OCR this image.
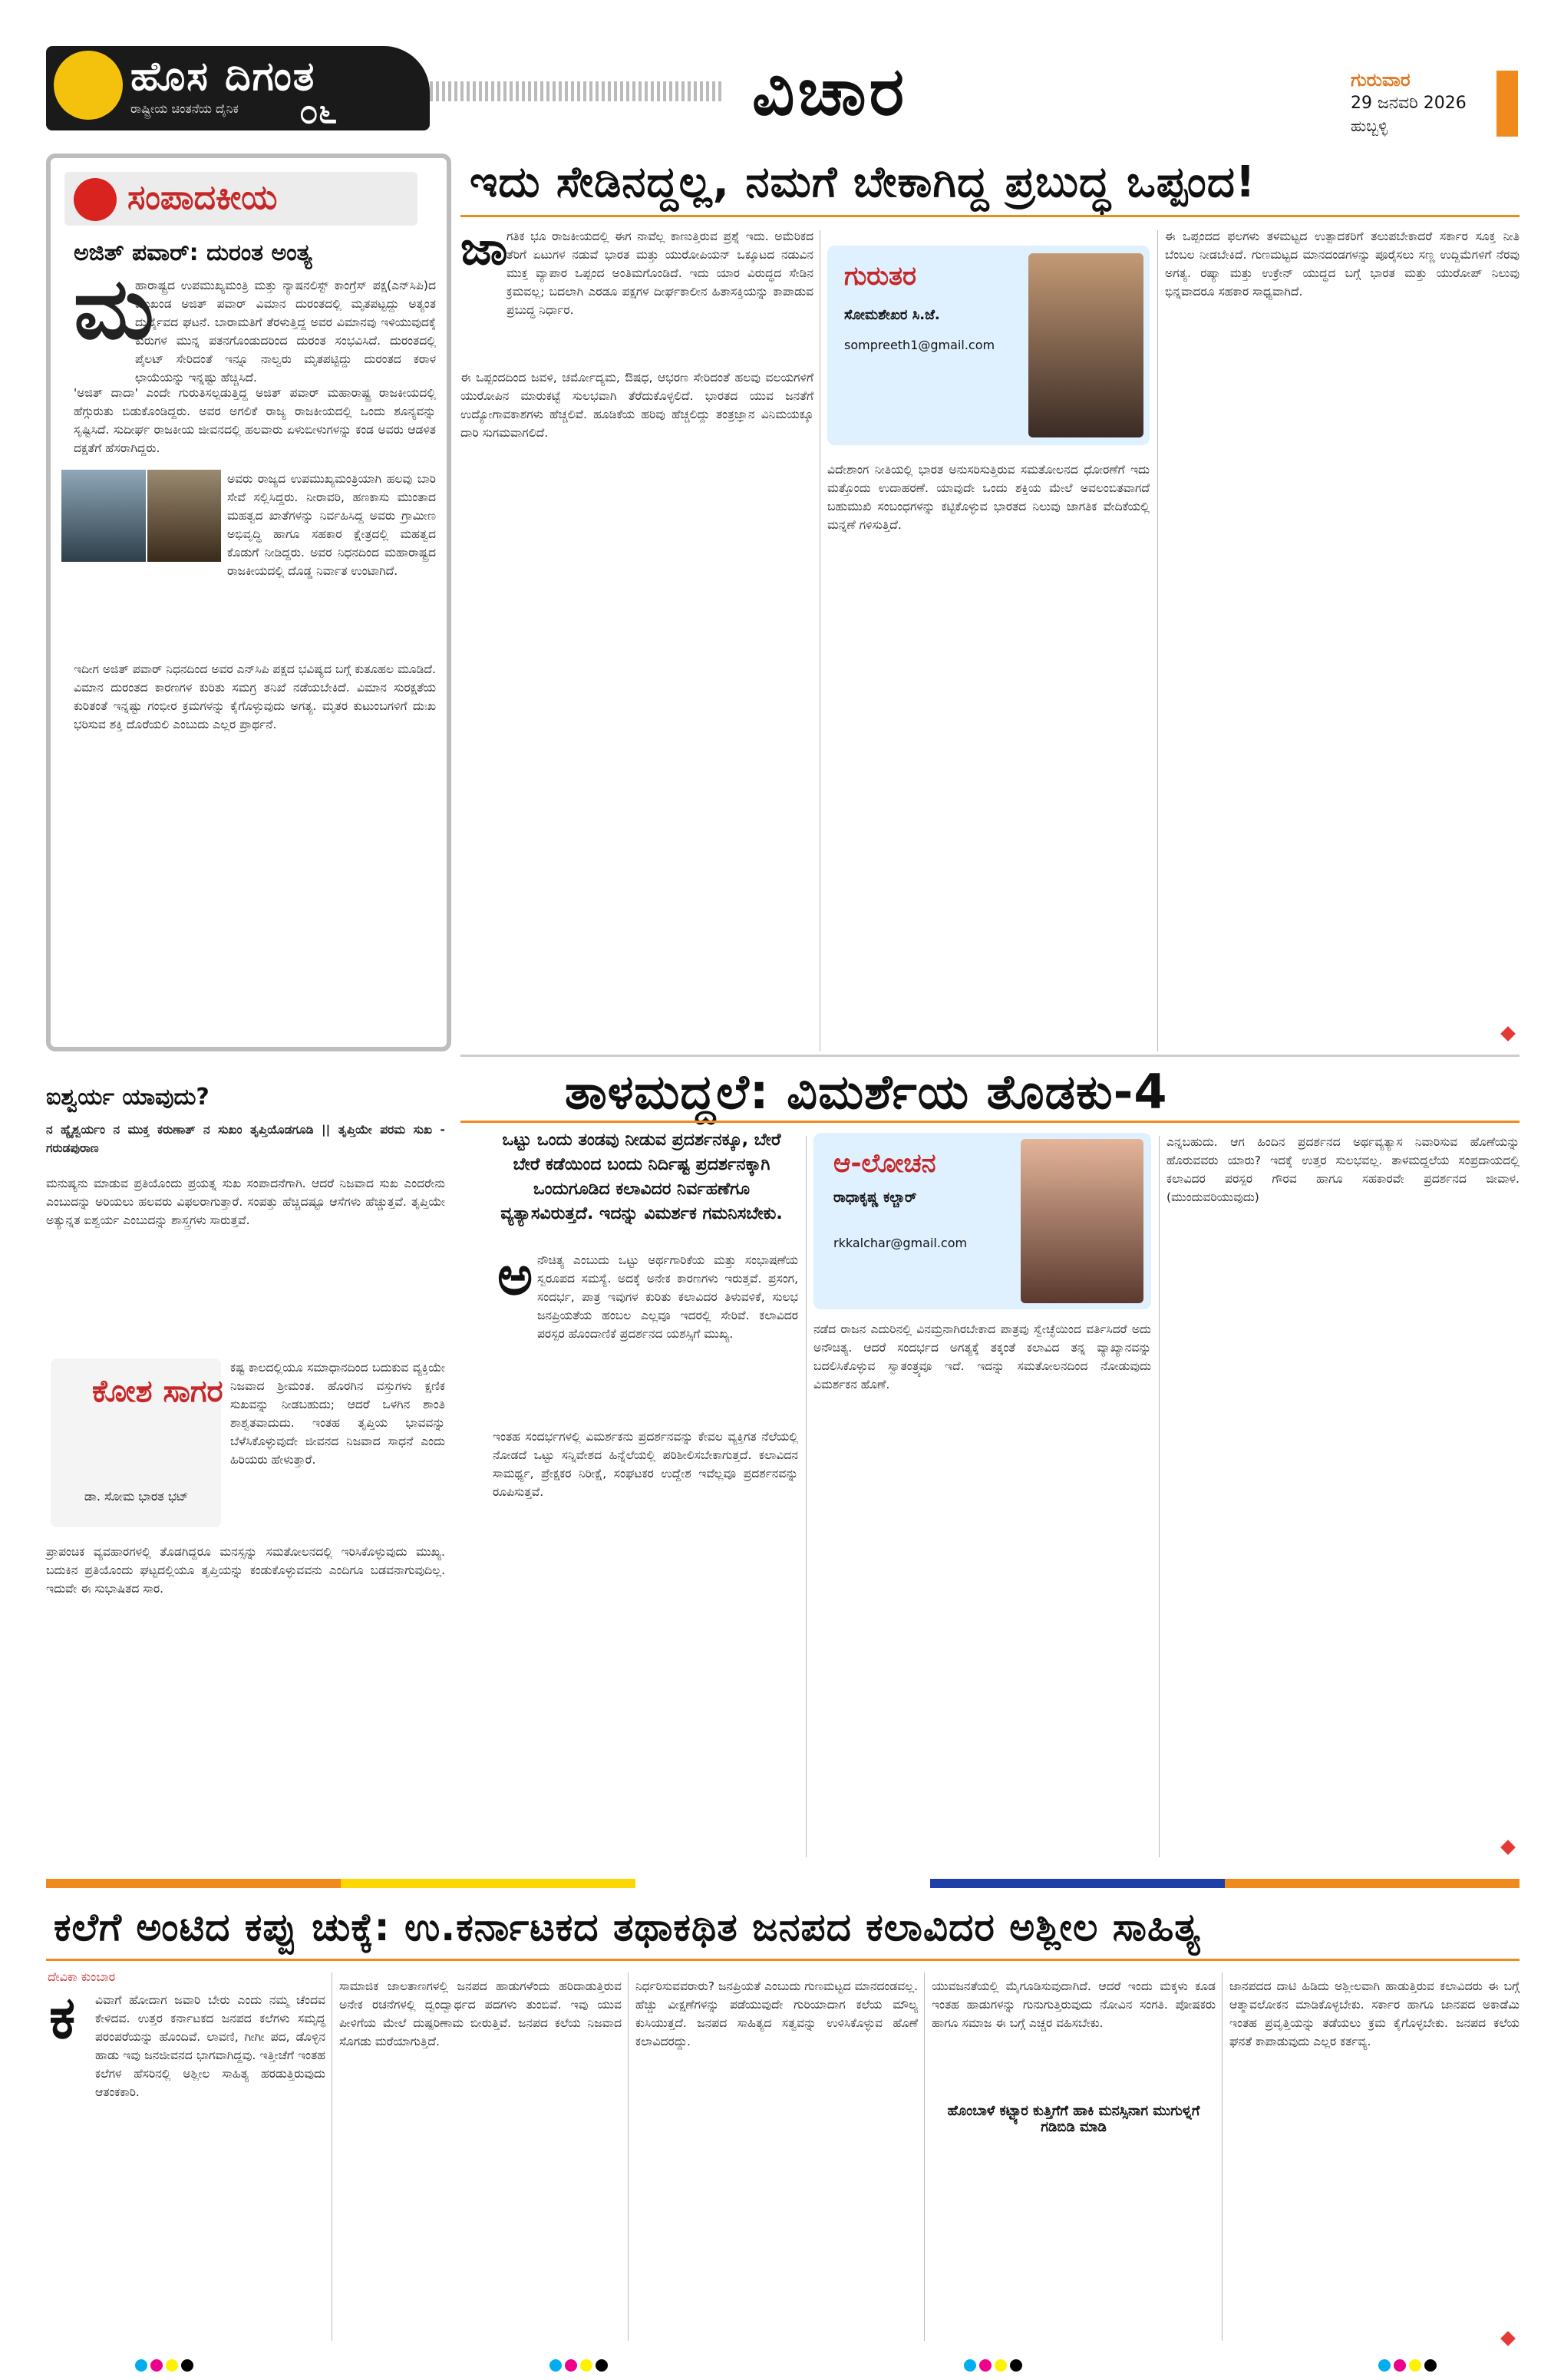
ಹೊಸ ದಿಗಂತ
ರಾಷ್ಟ್ರೀಯ ಚಿಂತನೆಯ ದೈನಿಕ ೦೬	ವಿಚಾರ	ಗುರುವಾರ
29 ಜನವರಿ 2026
ಹುಬ್ಬಳ್ಳಿ
ಸಂಪಾದಕೀಯ
ಅಜಿತ್ ಪವಾರ್: ದುರಂತ ಅಂತ್ಯ
ಮ
ಹಾರಾಷ್ಟ್ರದ ಉಪಮುಖ್ಯಮಂತ್ರಿ ಮತ್ತು ನ್ಯಾಷನಲಿಸ್ಟ್ ಕಾಂಗ್ರೆಸ್ ಪಕ್ಷ(ಎನ್‌ಸಿಪಿ)ದ ಮುಖಂಡ ಅಜಿತ್ ಪವಾರ್ ವಿಮಾನ ದುರಂತದಲ್ಲಿ ಮೃತಪಟ್ಟದ್ದು ಅತ್ಯಂತ ದುರ್ದೈವದ ಘಟನೆ. ಬಾರಾಮತಿಗೆ ತೆರಳುತ್ತಿದ್ದ ಅವರ ವಿಮಾನವು ಇಳಿಯುವುದಕ್ಕೆ ಕುರುಗಳ ಮುನ್ನ ಪತನಗೊಂಡುದರಿಂದ ದುರಂತ ಸಂಭವಿಸಿದೆ. ದುರಂತದಲ್ಲಿ ಪೈಲಟ್ ಸೇರಿದಂತೆ ಇನ್ನೂ ನಾಲ್ವರು ಮೃತಪಟ್ಟಿದ್ದು ದುರಂತದ ಕರಾಳ ಛಾಯೆಯನ್ನು ಇನ್ನಷ್ಟು ಹೆಚ್ಚಿಸಿದೆ.
'ಅಜಿತ್ ದಾದಾ' ಎಂದೇ ಗುರುತಿಸಲ್ಪಡುತ್ತಿದ್ದ ಅಜಿತ್ ಪವಾರ್ ಮಹಾರಾಷ್ಟ್ರ ರಾಜಕೀಯದಲ್ಲಿ ಹೆಗ್ಗುರುತು ಬಿಡುಕೊಂಡಿದ್ದರು. ಅವರ ಅಗಲಿಕೆ ರಾಜ್ಯ ರಾಜಕೀಯದಲ್ಲಿ ಒಂದು ಶೂನ್ಯವನ್ನು ಸೃಷ್ಟಿಸಿದೆ. ಸುದೀರ್ಘ ರಾಜಕೀಯ ಜೀವನದಲ್ಲಿ ಹಲವಾರು ಏಳುಬೀಳುಗಳನ್ನು ಕಂಡ ಅವರು ಆಡಳಿತ ದಕ್ಷತೆಗೆ ಹೆಸರಾಗಿದ್ದರು.
ಅವರು ರಾಜ್ಯದ ಉಪಮುಖ್ಯಮಂತ್ರಿಯಾಗಿ ಹಲವು ಬಾರಿ ಸೇವೆ ಸಲ್ಲಿಸಿದ್ದರು. ನೀರಾವರಿ, ಹಣಕಾಸು ಮುಂತಾದ ಮಹತ್ವದ ಖಾತೆಗಳನ್ನು ನಿರ್ವಹಿಸಿದ್ದ ಅವರು ಗ್ರಾಮೀಣ ಅಭಿವೃದ್ಧಿ ಹಾಗೂ ಸಹಕಾರ ಕ್ಷೇತ್ರದಲ್ಲಿ ಮಹತ್ವದ ಕೊಡುಗೆ ನೀಡಿದ್ದರು. ಅವರ ನಿಧನದಿಂದ ಮಹಾರಾಷ್ಟ್ರದ ರಾಜಕೀಯದಲ್ಲಿ ದೊಡ್ಡ ನಿರ್ವಾತ ಉಂಟಾಗಿದೆ.
ಇದೀಗ ಅಜಿತ್ ಪವಾರ್ ನಿಧನದಿಂದ ಅವರ ಎನ್‌ಸಿಪಿ ಪಕ್ಷದ ಭವಿಷ್ಯದ ಬಗ್ಗೆ ಕುತೂಹಲ ಮೂಡಿದೆ. ವಿಮಾನ ದುರಂತದ ಕಾರಣಗಳ ಕುರಿತು ಸಮಗ್ರ ತನಿಖೆ ನಡೆಯಬೇಕಿದೆ. ವಿಮಾನ ಸುರಕ್ಷತೆಯ ಕುರಿತಂತೆ ಇನ್ನಷ್ಟು ಗಂಭೀರ ಕ್ರಮಗಳನ್ನು ಕೈಗೊಳ್ಳುವುದು ಅಗತ್ಯ. ಮೃತರ ಕುಟುಂಬಗಳಿಗೆ ದುಃಖ ಭರಿಸುವ ಶಕ್ತಿ ದೊರೆಯಲಿ ಎಂಬುದು ಎಲ್ಲರ ಪ್ರಾರ್ಥನೆ.
ಇದು ಸೇಡಿನದ್ದಲ್ಲ, ನಮಗೆ ಬೇಕಾಗಿದ್ದ ಪ್ರಬುದ್ಧ ಒಪ್ಪಂದ!
ಜಾ
ಗತಿಕ ಭೂ ರಾಜಕೀಯದಲ್ಲಿ ಈಗ ನಾವೆಲ್ಲ ಕಾಣುತ್ತಿರುವ ಪ್ರಶ್ನೆ ಇದು. ಅಮೆರಿಕದ ತೆರಿಗೆ ಏಟುಗಳ ನಡುವೆ ಭಾರತ ಮತ್ತು ಯುರೋಪಿಯನ್ ಒಕ್ಕೂಟದ ನಡುವಿನ ಮುಕ್ತ ವ್ಯಾಪಾರ ಒಪ್ಪಂದ ಅಂತಿಮಗೊಂಡಿದೆ. ಇದು ಯಾರ ವಿರುದ್ಧದ ಸೇಡಿನ ಕ್ರಮವಲ್ಲ; ಬದಲಾಗಿ ಎರಡೂ ಪಕ್ಷಗಳ ದೀರ್ಘಕಾಲೀನ ಹಿತಾಸಕ್ತಿಯನ್ನು ಕಾಪಾಡುವ ಪ್ರಬುದ್ಧ ನಿರ್ಧಾರ.
ಈ ಒಪ್ಪಂದದಿಂದ ಜವಳಿ, ಚರ್ಮೋದ್ಯಮ, ಔಷಧ, ಆಭರಣ ಸೇರಿದಂತೆ ಹಲವು ವಲಯಗಳಿಗೆ ಯುರೋಪಿನ ಮಾರುಕಟ್ಟೆ ಸುಲಭವಾಗಿ ತೆರೆದುಕೊಳ್ಳಲಿದೆ. ಭಾರತದ ಯುವ ಜನತೆಗೆ ಉದ್ಯೋಗಾವಕಾಶಗಳು ಹೆಚ್ಚಲಿವೆ. ಹೂಡಿಕೆಯ ಹರಿವು ಹೆಚ್ಚಲಿದ್ದು ತಂತ್ರಜ್ಞಾನ ವಿನಿಮಯಕ್ಕೂ ದಾರಿ ಸುಗಮವಾಗಲಿದೆ.
ಗುರುತರ
ಸೋಮಶೇಖರ ಸಿ.ಜೆ.
sompreeth1@gmail.com
ವಿದೇಶಾಂಗ ನೀತಿಯಲ್ಲಿ ಭಾರತ ಅನುಸರಿಸುತ್ತಿರುವ ಸಮತೋಲನದ ಧೋರಣೆಗೆ ಇದು ಮತ್ತೊಂದು ಉದಾಹರಣೆ. ಯಾವುದೇ ಒಂದು ಶಕ್ತಿಯ ಮೇಲೆ ಅವಲಂಬಿತವಾಗದೆ ಬಹುಮುಖಿ ಸಂಬಂಧಗಳನ್ನು ಕಟ್ಟಿಕೊಳ್ಳುವ ಭಾರತದ ನಿಲುವು ಜಾಗತಿಕ ವೇದಿಕೆಯಲ್ಲಿ ಮನ್ನಣೆ ಗಳಿಸುತ್ತಿದೆ.
ಈ ಒಪ್ಪಂದದ ಫಲಗಳು ತಳಮಟ್ಟದ ಉತ್ಪಾದಕರಿಗೆ ತಲುಪಬೇಕಾದರೆ ಸರ್ಕಾರ ಸೂಕ್ತ ನೀತಿ ಬೆಂಬಲ ನೀಡಬೇಕಿದೆ. ಗುಣಮಟ್ಟದ ಮಾನದಂಡಗಳನ್ನು ಪೂರೈಸಲು ಸಣ್ಣ ಉದ್ದಿಮೆಗಳಿಗೆ ನೆರವು ಅಗತ್ಯ. ರಷ್ಯಾ ಮತ್ತು ಉಕ್ರೇನ್ ಯುದ್ಧದ ಬಗ್ಗೆ ಭಾರತ ಮತ್ತು ಯುರೋಪ್ ನಿಲುವು ಭಿನ್ನವಾದರೂ ಸಹಕಾರ ಸಾಧ್ಯವಾಗಿದೆ.
ಐಶ್ವರ್ಯ ಯಾವುದು?
ನ ಹ್ಯೈಶ್ವರ್ಯಂ ನ ಮುಕ್ತ ಕರುಣಾತ್ ನ ಸುಖಂ ತೃಪ್ತಿಯೊಡಗೂಡಿ || ತೃಪ್ತಿಯೇ ಪರಮ ಸುಖ - ಗರುಡಪುರಾಣ
ಮನುಷ್ಯನು ಮಾಡುವ ಪ್ರತಿಯೊಂದು ಪ್ರಯತ್ನ ಸುಖ ಸಂಪಾದನೆಗಾಗಿ. ಆದರೆ ನಿಜವಾದ ಸುಖ ಎಂದರೇನು ಎಂಬುದನ್ನು ಅರಿಯಲು ಹಲವರು ವಿಫಲರಾಗುತ್ತಾರೆ. ಸಂಪತ್ತು ಹೆಚ್ಚಿದಷ್ಟೂ ಆಸೆಗಳು ಹೆಚ್ಚುತ್ತವೆ. ತೃಪ್ತಿಯೇ ಅತ್ಯುನ್ನತ ಐಶ್ವರ್ಯ ಎಂಬುದನ್ನು ಶಾಸ್ತ್ರಗಳು ಸಾರುತ್ತವೆ.
ಕೋಶ ಸಾಗರ
ಡಾ. ಸೋಮ ಭಾರತ ಭಟ್
ಕಷ್ಟ ಕಾಲದಲ್ಲಿಯೂ ಸಮಾಧಾನದಿಂದ ಬದುಕುವ ವ್ಯಕ್ತಿಯೇ ನಿಜವಾದ ಶ್ರೀಮಂತ. ಹೊರಗಿನ ವಸ್ತುಗಳು ಕ್ಷಣಿಕ ಸುಖವನ್ನು ನೀಡಬಹುದು; ಆದರೆ ಒಳಗಿನ ಶಾಂತಿ ಶಾಶ್ವತವಾದುದು. ಇಂತಹ ತೃಪ್ತಿಯ ಭಾವವನ್ನು ಬೆಳೆಸಿಕೊಳ್ಳುವುದೇ ಜೀವನದ ನಿಜವಾದ ಸಾಧನೆ ಎಂದು ಹಿರಿಯರು ಹೇಳುತ್ತಾರೆ.
ಪ್ರಾಪಂಚಿಕ ವ್ಯವಹಾರಗಳಲ್ಲಿ ತೊಡಗಿದ್ದರೂ ಮನಸ್ಸನ್ನು ಸಮತೋಲನದಲ್ಲಿ ಇರಿಸಿಕೊಳ್ಳುವುದು ಮುಖ್ಯ. ಬದುಕಿನ ಪ್ರತಿಯೊಂದು ಘಟ್ಟದಲ್ಲಿಯೂ ತೃಪ್ತಿಯನ್ನು ಕಂಡುಕೊಳ್ಳುವವನು ಎಂದಿಗೂ ಬಡವನಾಗುವುದಿಲ್ಲ. ಇದುವೇ ಈ ಸುಭಾಷಿತದ ಸಾರ.
ತಾಳಮದ್ದಲೆ: ವಿಮರ್ಶೆಯ ತೊಡಕು-4
ಒಟ್ಟು ಒಂದು ತಂಡವು ನೀಡುವ ಪ್ರದರ್ಶನಕ್ಕೂ, ಬೇರೆ ಬೇರೆ ಕಡೆಯಿಂದ ಬಂದು ನಿರ್ದಿಷ್ಟ ಪ್ರದರ್ಶನಕ್ಕಾಗಿ ಒಂದುಗೂಡಿದ ಕಲಾವಿದರ ನಿರ್ವಹಣೆಗೂ ವ್ಯತ್ಯಾಸವಿರುತ್ತದೆ. ಇದನ್ನು ವಿಮರ್ಶಕ ಗಮನಿಸಬೇಕು.
ಆ-ಲೋಚನ
ರಾಧಾಕೃಷ್ಣ ಕಲ್ಚಾರ್
rkkalchar@gmail.com
ಅ ನೌಚಿತ್ಯ ಎಂಬುದು ಒಟ್ಟು ಅರ್ಥಗಾರಿಕೆಯ ಮತ್ತು ಸಂಭಾಷಣೆಯ ಸ್ವರೂಪದ ಸಮಸ್ಯೆ. ಅದಕ್ಕೆ ಅನೇಕ ಕಾರಣಗಳು ಇರುತ್ತವೆ. ಪ್ರಸಂಗ, ಸಂದರ್ಭ, ಪಾತ್ರ ಇವುಗಳ ಕುರಿತು ಕಲಾವಿದರ ತಿಳುವಳಿಕೆ, ಸುಲಭ ಜನಪ್ರಿಯತೆಯ ಹಂಬಲ ಎಲ್ಲವೂ ಇದರಲ್ಲಿ ಸೇರಿವೆ. ಕಲಾವಿದರ ಪರಸ್ಪರ ಹೊಂದಾಣಿಕೆ ಪ್ರದರ್ಶನದ ಯಶಸ್ಸಿಗೆ ಮುಖ್ಯ.
ಇಂತಹ ಸಂದರ್ಭಗಳಲ್ಲಿ ವಿಮರ್ಶಕನು ಪ್ರದರ್ಶನವನ್ನು ಕೇವಲ ವ್ಯಕ್ತಿಗತ ನೆಲೆಯಲ್ಲಿ ನೋಡದೆ ಒಟ್ಟು ಸನ್ನಿವೇಶದ ಹಿನ್ನೆಲೆಯಲ್ಲಿ ಪರಿಶೀಲಿಸಬೇಕಾಗುತ್ತದೆ. ಕಲಾವಿದನ ಸಾಮರ್ಥ್ಯ, ಪ್ರೇಕ್ಷಕರ ನಿರೀಕ್ಷೆ, ಸಂಘಟಕರ ಉದ್ದೇಶ ಇವೆಲ್ಲವೂ ಪ್ರದರ್ಶನವನ್ನು ರೂಪಿಸುತ್ತವೆ.
ನಡೆದ ರಾಜನ ಎದುರಿನಲ್ಲಿ ವಿನಮ್ರನಾಗಿರಬೇಕಾದ ಪಾತ್ರವು ಸ್ವೇಚ್ಛೆಯಿಂದ ವರ್ತಿಸಿದರೆ ಅದು ಅನೌಚಿತ್ಯ. ಆದರೆ ಸಂದರ್ಭದ ಅಗತ್ಯಕ್ಕೆ ತಕ್ಕಂತೆ ಕಲಾವಿದ ತನ್ನ ವ್ಯಾಖ್ಯಾನವನ್ನು ಬದಲಿಸಿಕೊಳ್ಳುವ ಸ್ವಾತಂತ್ರ್ಯವೂ ಇದೆ. ಇದನ್ನು ಸಮತೋಲನದಿಂದ ನೋಡುವುದು ವಿಮರ್ಶಕನ ಹೊಣೆ.
ಎನ್ನಬಹುದು. ಆಗ ಹಿಂದಿನ ಪ್ರದರ್ಶನದ ಅರ್ಥವ್ಯತ್ಯಾಸ ನಿವಾರಿಸುವ ಹೊಣೆಯನ್ನು ಹೊರುವವರು ಯಾರು? ಇದಕ್ಕೆ ಉತ್ತರ ಸುಲಭವಲ್ಲ. ತಾಳಮದ್ದಲೆಯ ಸಂಪ್ರದಾಯದಲ್ಲಿ ಕಲಾವಿದರ ಪರಸ್ಪರ ಗೌರವ ಹಾಗೂ ಸಹಕಾರವೇ ಪ್ರದರ್ಶನದ ಜೀವಾಳ. (ಮುಂದುವರಿಯುವುದು)
ಕಲೆಗೆ ಅಂಟಿದ ಕಪ್ಪು ಚುಕ್ಕೆ: ಉ.ಕರ್ನಾಟಕದ ತಥಾಕಥಿತ ಜನಪದ ಕಲಾವಿದರ ಅಶ್ಲೀಲ ಸಾಹಿತ್ಯ
ದೇವಿಕಾ ಕುಂಬಾರ
ಕ ವಿವಾಗೆ ಹೋದಾಗ ಜವಾರಿ ಬೇರು ಎಂದು ನಮ್ಮ ಚೆಂದವ ಕೇಳಿದವ. ಉತ್ತರ ಕರ್ನಾಟಕದ ಜನಪದ ಕಲೆಗಳು ಸಮೃದ್ಧ ಪರಂಪರೆಯನ್ನು ಹೊಂದಿವೆ. ಲಾವಣಿ, ಗೀಗೀ ಪದ, ಡೊಳ್ಳಿನ ಹಾಡು ಇವು ಜನಜೀವನದ ಭಾಗವಾಗಿದ್ದವು. ಇತ್ತೀಚೆಗೆ ಇಂತಹ ಕಲೆಗಳ ಹೆಸರಿನಲ್ಲಿ ಅಶ್ಲೀಲ ಸಾಹಿತ್ಯ ಹರಡುತ್ತಿರುವುದು ಆತಂಕಕಾರಿ.
ಸಾಮಾಜಿಕ ಜಾಲತಾಣಗಳಲ್ಲಿ ಜನಪದ ಹಾಡುಗಳೆಂದು ಹರಿದಾಡುತ್ತಿರುವ ಅನೇಕ ರಚನೆಗಳಲ್ಲಿ ದ್ವಂದ್ವಾರ್ಥದ ಪದಗಳು ತುಂಬಿವೆ. ಇವು ಯುವ ಪೀಳಿಗೆಯ ಮೇಲೆ ದುಷ್ಪರಿಣಾಮ ಬೀರುತ್ತಿವೆ. ಜನಪದ ಕಲೆಯ ನಿಜವಾದ ಸೊಗಡು ಮರೆಯಾಗುತ್ತಿದೆ.
ನಿರ್ಧರಿಸುವವರಾರು? ಜನಪ್ರಿಯತೆ ಎಂಬುದು ಗುಣಮಟ್ಟದ ಮಾನದಂಡವಲ್ಲ. ಹೆಚ್ಚು ವೀಕ್ಷಣೆಗಳನ್ನು ಪಡೆಯುವುದೇ ಗುರಿಯಾದಾಗ ಕಲೆಯ ಮೌಲ್ಯ ಕುಸಿಯುತ್ತದೆ. ಜನಪದ ಸಾಹಿತ್ಯದ ಸತ್ವವನ್ನು ಉಳಿಸಿಕೊಳ್ಳುವ ಹೊಣೆ ಕಲಾವಿದರದ್ದು.
ಯುವಜನತೆಯಲ್ಲಿ ಮೈಗೂಡಿಸುವುದಾಗಿದೆ. ಆದರೆ ಇಂದು ಮಕ್ಕಳು ಕೂಡ ಇಂತಹ ಹಾಡುಗಳನ್ನು ಗುನುಗುತ್ತಿರುವುದು ನೋವಿನ ಸಂಗತಿ. ಪೋಷಕರು ಹಾಗೂ ಸಮಾಜ ಈ ಬಗ್ಗೆ ಎಚ್ಚರ ವಹಿಸಬೇಕು.
ಹೊಂಬಾಳೆ ಕಟ್ಟ್ಯಾರ ಕುತ್ತಿಗೆಗೆ ಹಾಕಿ ಮನಸ್ಸಿನಾಗ ಮುಗುಳ್ನಗೆ ಗಡಿಬಿಡಿ ಮಾಡಿ
ಜಾನಪದದ ದಾಟಿ ಹಿಡಿದು ಅಶ್ಲೀಲವಾಗಿ ಹಾಡುತ್ತಿರುವ ಕಲಾವಿದರು ಈ ಬಗ್ಗೆ ಆತ್ಮಾವಲೋಕನ ಮಾಡಿಕೊಳ್ಳಬೇಕು. ಸರ್ಕಾರ ಹಾಗೂ ಜಾನಪದ ಅಕಾಡೆಮಿ ಇಂತಹ ಪ್ರವೃತ್ತಿಯನ್ನು ತಡೆಯಲು ಕ್ರಮ ಕೈಗೊಳ್ಳಬೇಕು. ಜನಪದ ಕಲೆಯ ಘನತೆ ಕಾಪಾಡುವುದು ಎಲ್ಲರ ಕರ್ತವ್ಯ.
